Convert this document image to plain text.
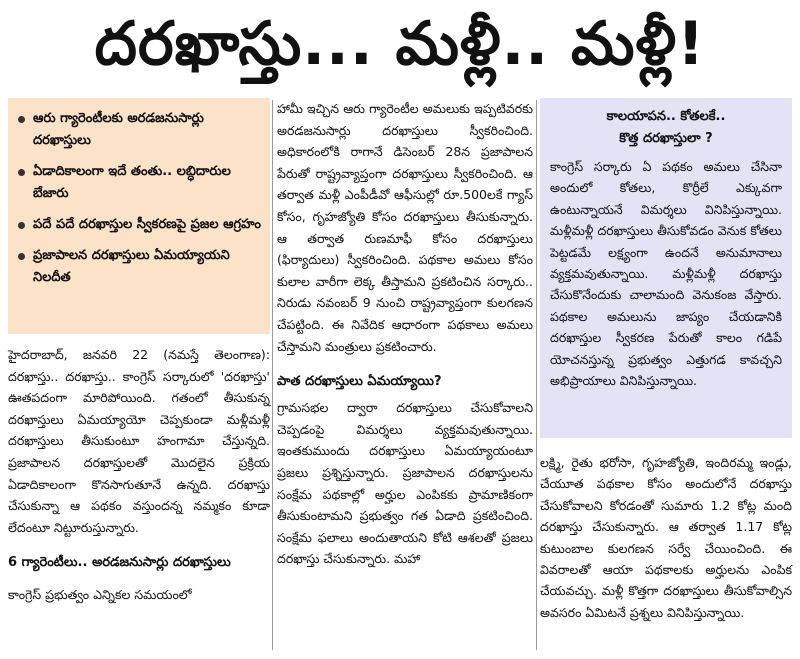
దరఖాస్తు... మళ్లీ.. మళ్లీ!
ఆరు గ్యారెంటీలకు అరడజనుసార్లు దరఖాస్తులు
ఏడాదికాలంగా ఇదే తంతు.. లబ్ధిదారుల బేజారు
పదే పదే దరఖాస్తుల స్వీకరణపై ప్రజల ఆగ్రహం
ప్రజాపాలన దరఖాస్తులు ఏమయ్యాయని నిలదీత

హైదరాబాద్, జనవరి 22 (నమస్తే తెలంగాణ): దరఖాస్తు.. దరఖాస్తు.. కాంగ్రెస్ సర్కారులో 'దరఖాస్తు' ఊతపదంగా మారిపోయింది. గతంలో తీసుకున్న దరఖాస్తులు ఏమయ్యాయో చెప్పకుండా మళ్లీమళ్లీ దరఖాస్తులు తీసుకుంటూ హంగామా చేస్తున్నది. ప్రజాపాలన దరఖాస్తులతో మొదలైన ప్రక్రియ ఏడాదికాలంగా కొనసాగుతూనే ఉన్నది. దరఖాస్తు చేసుకున్నా ఆ పథకం వస్తుందన్న నమ్మకం కూడా లేదంటూ నిట్టూరుస్తున్నారు.

6 గ్యారెంటీలు.. అరడజనుసార్లు దరఖాస్తులు

కాంగ్రెస్ ప్రభుత్వం ఎన్నికల సమయంలో

హామీ ఇచ్చిన ఆరు గ్యారెంటీల అమలుకు ఇప్పటివరకు అరడజనుసార్లు దరఖాస్తులు స్వీకరించింది. అధికారంలోకి రాగానే డిసెంబర్ 28న ప్రజాపాలన పేరుతో రాష్ట్రవ్యాప్తంగా దరఖాస్తులు స్వీకరించింది. ఆ తర్వాత మళ్లీ ఎంపీడీవో ఆఫీసుల్లో రూ.500లకే గ్యాస్ కోసం, గృహజ్యోతి కోసం దరఖాస్తులు తీసుకున్నారు. ఆ తర్వాత రుణమాఫీ కోసం దరఖాస్తులు (ఫిర్యాదులు) స్వీకరించింది. పథకాల అమలు కోసం కులాల వారీగా లెక్క తీస్తామని ప్రకటించిన సర్కారు.. నిరుడు నవంబర్ 9 నుంచి రాష్ట్రవ్యాప్తంగా కులగణన చేపట్టింది. ఈ నివేదిక ఆధారంగా పథకాలు అమలు చేస్తామని మంత్రులు ప్రకటించారు.

పాత దరఖాస్తులు ఏమయ్యాయి?

గ్రామసభల ద్వారా దరఖాస్తులు చేసుకోవాలని చెప్పడంపై విమర్శలు వ్యక్తమవుతున్నాయి. ఇంతకుముందు దరఖాస్తులు ఏమయ్యాయంటూ ప్రజలు ప్రశ్నిస్తున్నారు. ప్రజాపాలన దరఖాస్తులను సంక్షేమ పథకాల్లో అర్హుల ఎంపికకు ప్రామాణికంగా తీసుకుంటామని ప్రభుత్వం గత ఏడాది ప్రకటించింది. సంక్షేమ ఫలాలు అందుతాయని కోటి ఆశలతో ప్రజలు దరఖాస్తు చేసుకున్నారు. మహా

కాలయాపన.. కోతలకే..
కొత్త దరఖాస్తులా ?

కాంగ్రెస్ సర్కారు ఏ పథకం అమలు చేసినా అందులో కోతలు, కొర్రీలే ఎక్కువగా ఉంటున్నాయనే విమర్శలు వినిపిస్తున్నాయి. మళ్లీమళ్లీ దరఖాస్తులు తీసుకోవడం వెనుక కోతలు పెట్టడమే లక్ష్యంగా ఉందనే అనుమానాలు వ్యక్తమవుతున్నాయి. మళ్లీమళ్లీ దరఖాస్తు చేసుకొనేందుకు చాలామంది వెనుకంజ వేస్తారు. పథకాల అమలును జాప్యం చేయడానికి దరఖాస్తుల స్వీకరణ పేరుతో కాలం గడిపే యోచనస్తున్న ప్రభుత్వం ఎత్తుగడ కావచ్చని అభిప్రాయాలు వినిపిస్తున్నాయి.

లక్ష్మి, రైతు భరోసా, గృహజ్యోతి, ఇందిరమ్మ ఇండ్లు, చేయూత పథకాల కోసం అందులోనే దరఖాస్తు చేసుకోవాలని కోరడంతో సుమారు 1.2 కోట్ల మంది దరఖాస్తు చేసుకున్నారు. ఆ తర్వాత 1.17 కోట్ల కుటుంబాల కులగణన సర్వే చేయించింది. ఈ వివరాలతో ఆయా పథకాలకు అర్హులను ఎంపిక చేయవచ్చు. మళ్లీ కొత్తగా దరఖాస్తులు తీసుకోవాల్సిన అవసరం ఏమిటనే ప్రశ్నలు వినిపిస్తున్నాయి.
